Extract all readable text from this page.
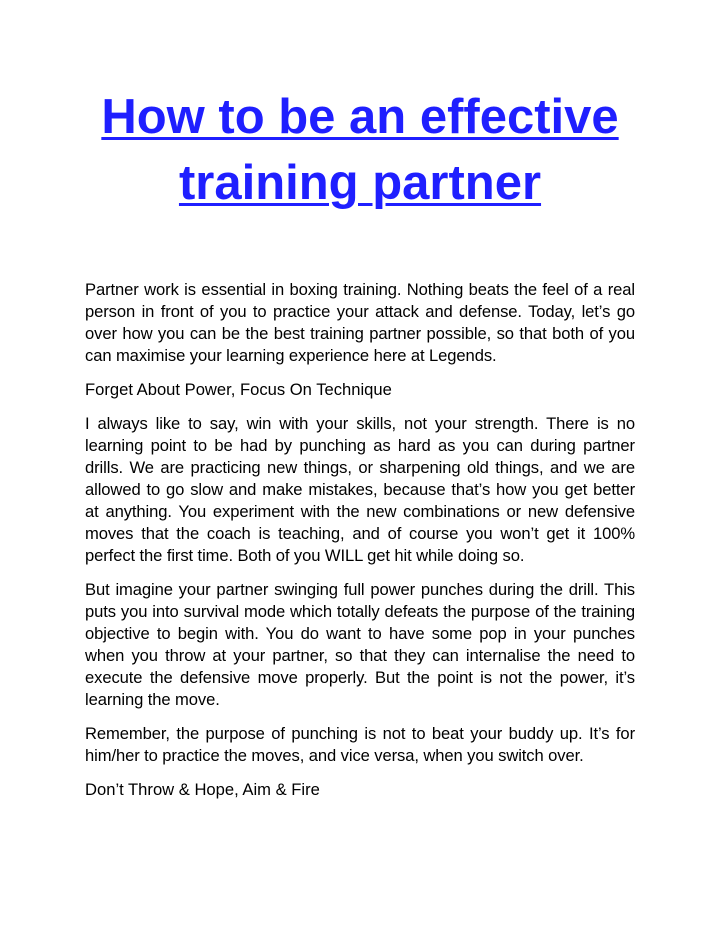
How to be an effective training partner

Partner work is essential in boxing training. Nothing beats the feel of a real person in front of you to practice your attack and defense. Today, let’s go over how you can be the best training partner possible, so that both of you can maximise your learning experience here at Legends.

Forget About Power, Focus On Technique

I always like to say, win with your skills, not your strength. There is no learning point to be had by punching as hard as you can during partner drills. We are practicing new things, or sharpening old things, and we are allowed to go slow and make mistakes, because that’s how you get better at anything. You experiment with the new combinations or new defensive moves that the coach is teaching, and of course you won’t get it 100% perfect the first time. Both of you WILL get hit while doing so.

But imagine your partner swinging full power punches during the drill. This puts you into survival mode which totally defeats the purpose of the training objective to begin with. You do want to have some pop in your punches when you throw at your partner, so that they can internalise the need to execute the defensive move properly. But the point is not the power, it’s learning the move.

Remember, the purpose of punching is not to beat your buddy up. It’s for him/her to practice the moves, and vice versa, when you switch over.

Don’t Throw & Hope, Aim & Fire
